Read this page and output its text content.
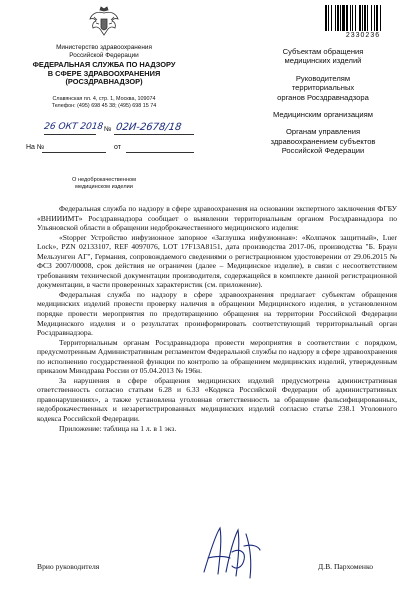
2330236
Министерство здравоохранения
Российской Федерации
ФЕДЕРАЛЬНАЯ СЛУЖБА ПО НАДЗОРУ
В СФЕРЕ ЗДРАВООХРАНЕНИЯ
(РОСЗДРАВНАДЗОР)
Славянская пл. 4, стр. 1, Москва, 109074
Телефон: (495) 698 45 38; (495) 698 15 74
26 ОКТ 2018 № 02И-2678/18
На №	от
О недоброкачественном
медицинском изделии
Субъектам обращения
медицинских изделий
Руководителям
территориальных
органов Росздравнадзора
Медицинским организациям
Органам управления
здравоохранением субъектов
Российской Федерации

Федеральная служба по надзору в сфере здравоохранения на основании экспертного заключения ФГБУ «ВНИИИМТ» Росздравнадзора сообщает о выявлении территориальным органом Росздравнадзора по Ульяновской области в обращении недоброкачественного медицинского изделия:

«Stopper Устройство инфузионное запорное «Заглушка инфузионная»: «Колпачок защитный», Luer Lock», PZN 02133107, REF 4097076, LOT 17F13A8151, дата производства 2017-06, производства "Б. Браун Мельзунген АГ", Германия, сопровождаемого сведениями о регистрационном удостоверении от 29.06.2015 № ФСЗ 2007/00008, срок действия не ограничен (далее – Медицинское изделие), в связи с несоответствием требованиям технической документации производителя, содержащейся в комплекте данной регистрационной документации, в части проверенных характеристик (см. приложение).

Федеральная служба по надзору в сфере здравоохранения предлагает субъектам обращения медицинских изделий провести проверку наличия в обращении Медицинского изделия, в установленном порядке провести мероприятия по предотвращению обращения на территории Российской Федерации Медицинского изделия и о результатах проинформировать соответствующий территориальный орган Росздравнадзора.

Территориальным органам Росздравнадзора провести мероприятия в соответствии с порядком, предусмотренным Административным регламентом Федеральной службы по надзору в сфере здравоохранения по исполнению государственной функции по контролю за обращением медицинских изделий, утвержденным приказом Минздрава России от 05.04.2013 № 196н.

За нарушения в сфере обращения медицинских изделий предусмотрена административная ответственность согласно статьям 6.28 и 6.33 «Кодекса Российской Федерации об административных правонарушениях», а также установлена уголовная ответственность за обращение фальсифицированных, недоброкачественных и незарегистрированных медицинских изделий согласно статье 238.1 Уголовного кодекса Российской Федерации.

Приложение: таблица на 1 л. в 1 экз.

Врио руководителя	Д.В. Пархоменко
